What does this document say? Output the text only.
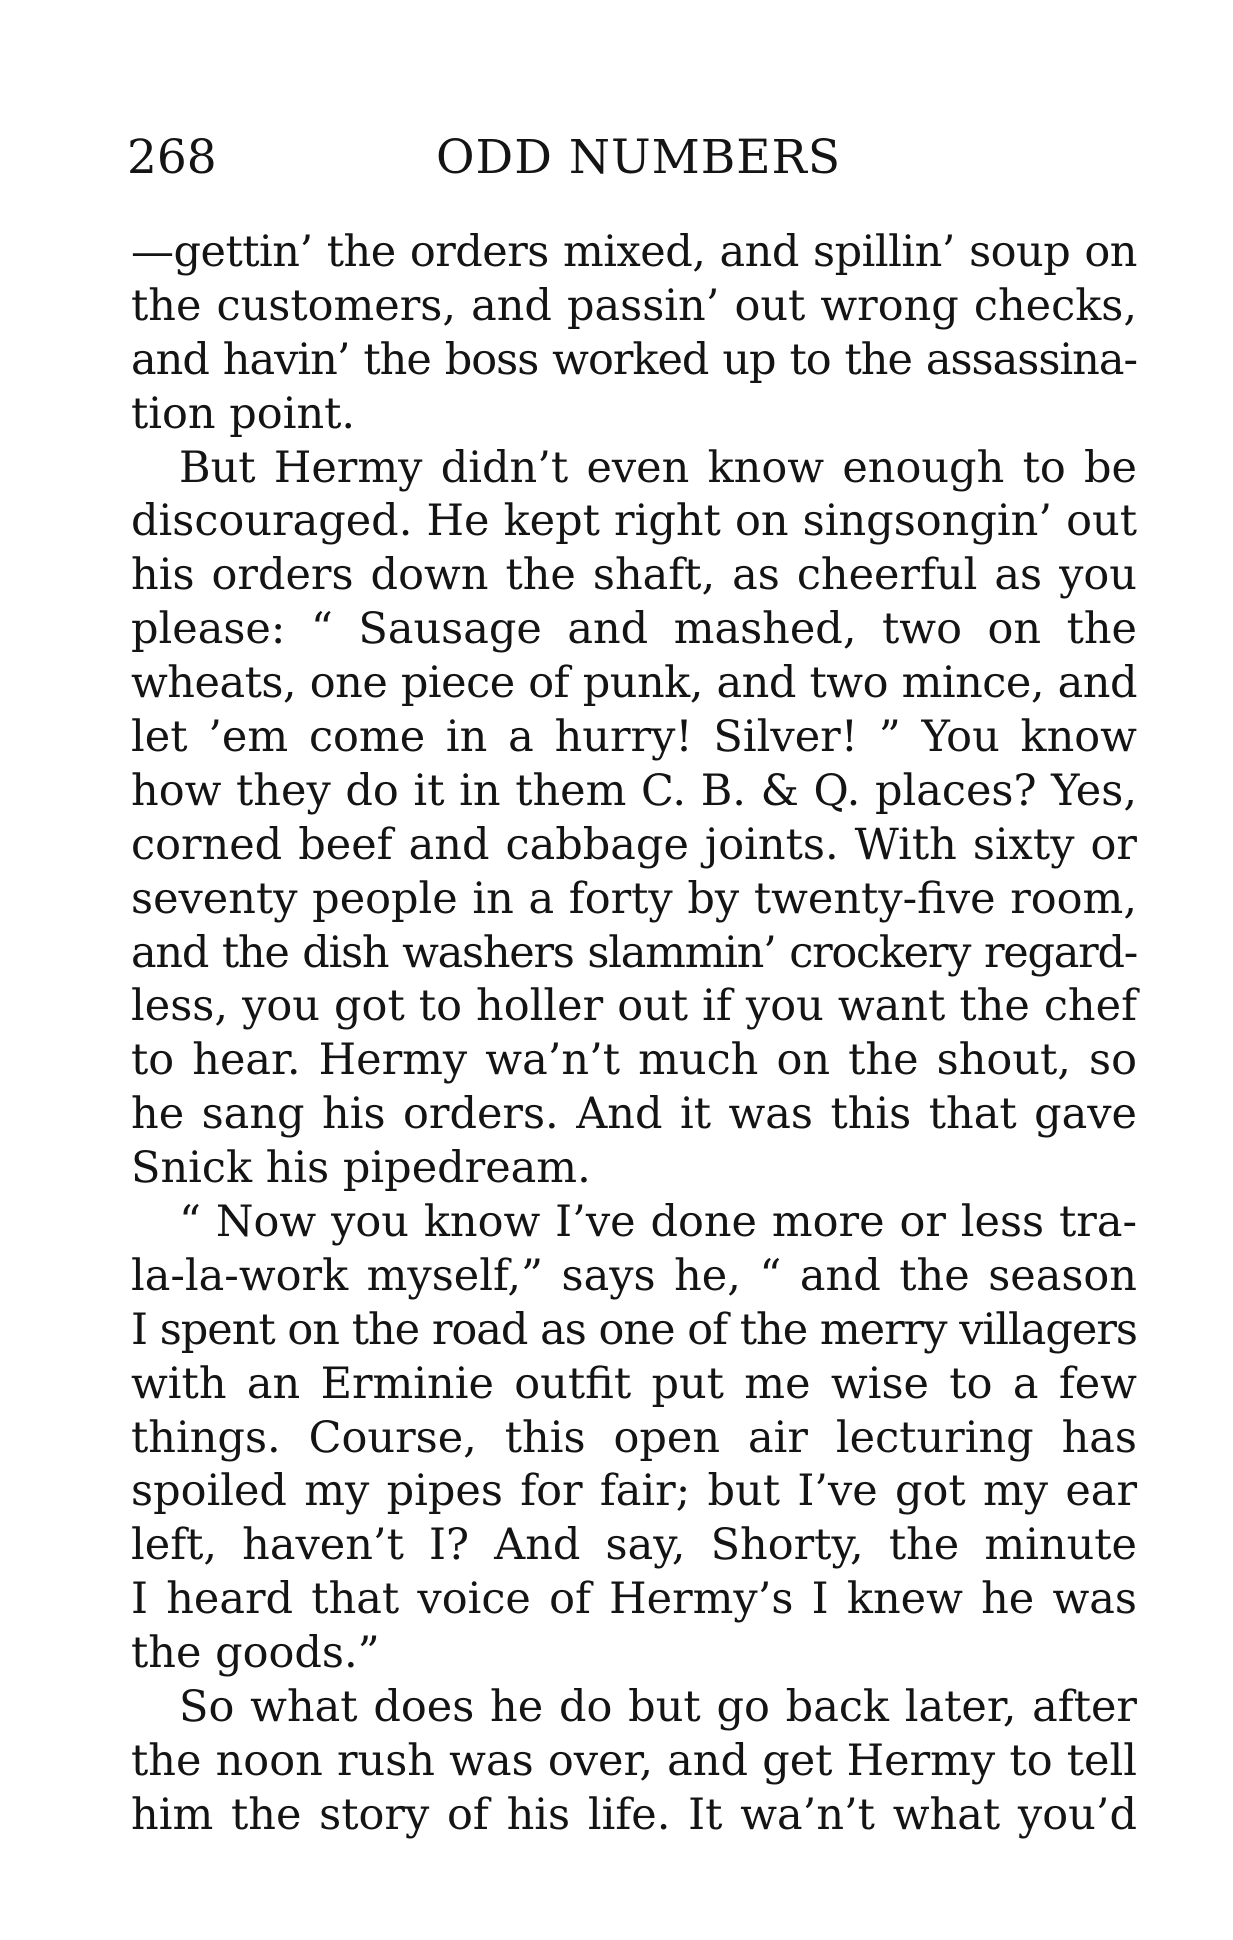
268	ODD NUMBERS
—gettin’ the orders mixed, and spillin’ soup on
the customers, and passin’ out wrong checks,
and havin’ the boss worked up to the assassina-
tion point.
But Hermy didn’t even know enough to be
discouraged. He kept right on singsongin’ out
his orders down the shaft, as cheerful as you
please: “ Sausage and mashed, two on the
wheats, one piece of punk, and two mince, and
let ’em come in a hurry! Silver! ” You know
how they do it in them C. B. & Q. places? Yes,
corned beef and cabbage joints. With sixty or
seventy people in a forty by twenty-five room,
and the dish washers slammin’ crockery regard-
less, you got to holler out if you want the chef
to hear. Hermy wa’n’t much on the shout, so
he sang his orders. And it was this that gave
Snick his pipedream.
“ Now you know I’ve done more or less tra-
la-la-work myself,” says he, “ and the season
I spent on the road as one of the merry villagers
with an Erminie outfit put me wise to a few
things. Course, this open air lecturing has
spoiled my pipes for fair; but I’ve got my ear
left, haven’t I? And say, Shorty, the minute
I heard that voice of Hermy’s I knew he was
the goods.”
So what does he do but go back later, after
the noon rush was over, and get Hermy to tell
him the story of his life. It wa’n’t what you’d
